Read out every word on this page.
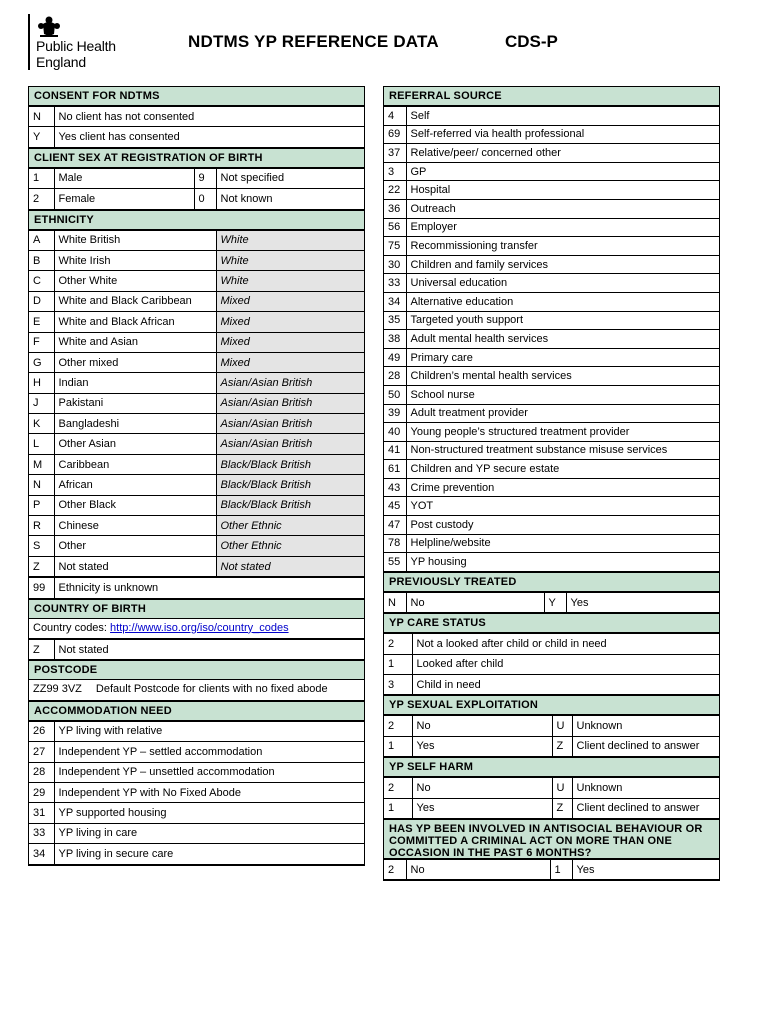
Public Health
England
NDTMS YP REFERENCE DATA	CDS-P
CONSENT FOR NDTMS
N	No client has not consented
Y	Yes client has consented
CLIENT SEX AT REGISTRATION OF BIRTH
1	Male	9	Not specified
2	Female	0	Not known
ETHNICITY
A	White British	White
B	White Irish	White
C	Other White	White
D	White and Black Caribbean	Mixed
E	White and Black African	Mixed
F	White and Asian	Mixed
G	Other mixed	Mixed
H	Indian	Asian/Asian British
J	Pakistani	Asian/Asian British
K	Bangladeshi	Asian/Asian British
L	Other Asian	Asian/Asian British
M	Caribbean	Black/Black British
N	African	Black/Black British
P	Other Black	Black/Black British
R	Chinese	Other Ethnic
S	Other	Other Ethnic
Z	Not stated	Not stated
99	Ethnicity is unknown
COUNTRY OF BIRTH
Country codes: http://www.iso.org/iso/country_codes
Z	Not stated
POSTCODE
ZZ99 3VZ Default Postcode for clients with no fixed abode
ACCOMMODATION NEED
26	YP living with relative
27	Independent YP – settled accommodation
28	Independent YP – unsettled accommodation
29	Independent YP with No Fixed Abode
31	YP supported housing
33	YP living in care
34	YP living in secure care
REFERRAL SOURCE
4	Self
69	Self-referred via health professional
37	Relative/peer/ concerned other
3	GP
22	Hospital
36	Outreach
56	Employer
75	Recommissioning transfer
30	Children and family services
33	Universal education
34	Alternative education
35	Targeted youth support
38	Adult mental health services
49	Primary care
28	Children’s mental health services
50	School nurse
39	Adult treatment provider
40	Young people’s structured treatment provider
41	Non-structured treatment substance misuse services
61	Children and YP secure estate
43	Crime prevention
45	YOT
47	Post custody
78	Helpline/website
55	YP housing
PREVIOUSLY TREATED
N	No	Y	Yes
YP CARE STATUS
2	Not a looked after child or child in need
1	Looked after child
3	Child in need
YP SEXUAL EXPLOITATION
2	No	U	Unknown
1	Yes	Z	Client declined to answer
YP SELF HARM
2	No	U	Unknown
1	Yes	Z	Client declined to answer
HAS YP BEEN INVOLVED IN ANTISOCIAL BEHAVIOUR OR COMMITTED A CRIMINAL ACT ON MORE THAN ONE OCCASION IN THE PAST 6 MONTHS?
2	No	1	Yes
